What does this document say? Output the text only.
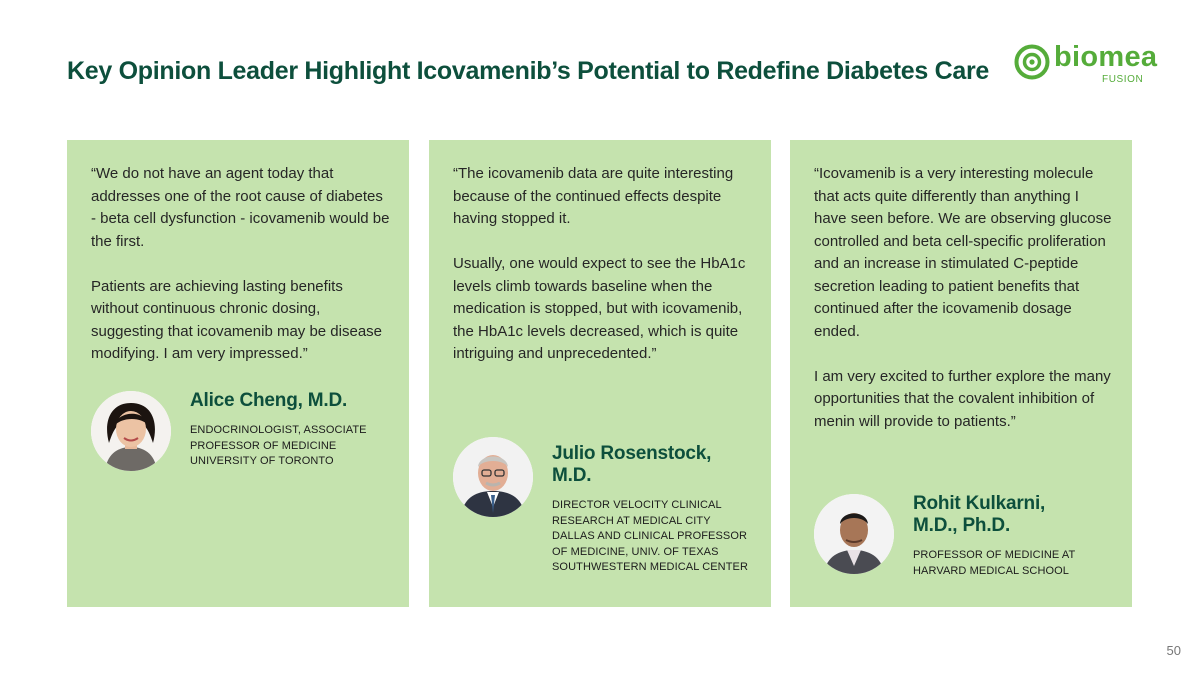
Key Opinion Leader Highlight Icovamenib’s Potential to Redefine Diabetes Care biomea
FUSION

“We do not have an agent today that addresses one of the root cause of diabetes - beta cell dysfunction - icovamenib would be the first.

Patients are achieving lasting benefits without continuous chronic dosing, suggesting that icovamenib may be disease modifying. I am very impressed.”

Alice Cheng, M.D.
ENDOCRINOLOGIST, ASSOCIATE
PROFESSOR OF MEDICINE
UNIVERSITY OF TORONTO

“The icovamenib data are quite interesting because of the continued effects despite having stopped it.

Usually, one would expect to see the HbA1c levels climb towards baseline when the medication is stopped, but with icovamenib, the HbA1c levels decreased, which is quite intriguing and unprecedented.”

Julio Rosenstock, M.D.
DIRECTOR VELOCITY CLINICAL
RESEARCH AT MEDICAL CITY
DALLAS AND CLINICAL PROFESSOR
OF MEDICINE, UNIV. OF TEXAS
SOUTHWESTERN MEDICAL CENTER

“Icovamenib is a very interesting molecule that acts quite differently than anything I have seen before. We are observing glucose controlled and beta cell-specific proliferation and an increase in stimulated C-peptide secretion leading to patient benefits that continued after the icovamenib dosage ended.

I am very excited to further explore the many opportunities that the covalent inhibition of menin will provide to patients.”

Rohit Kulkarni,
M.D., Ph.D.
PROFESSOR OF MEDICINE AT
HARVARD MEDICAL SCHOOL
50
